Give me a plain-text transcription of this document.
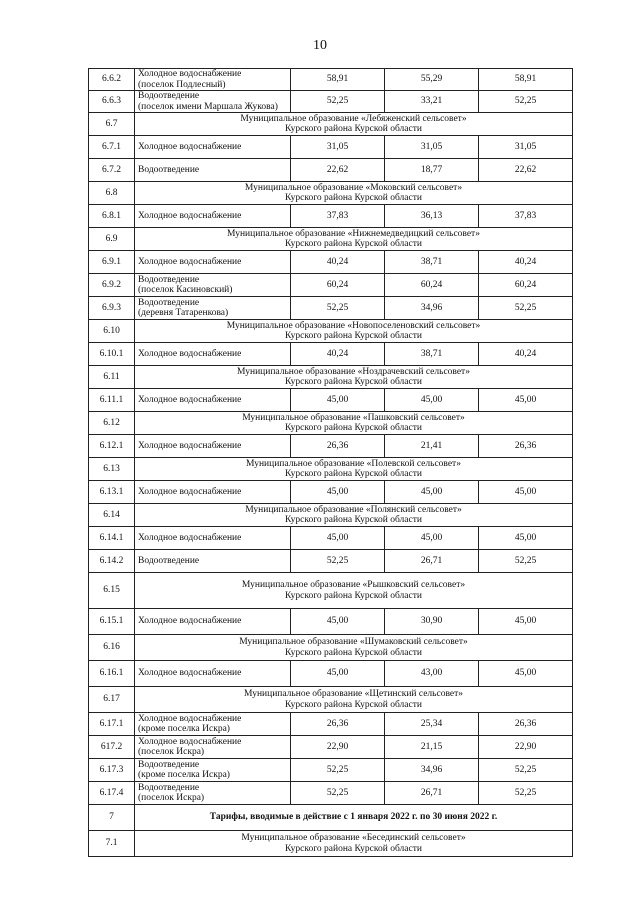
10
6.6.2	Холодное водоснабжение
(поселок Подлесный)	58,91	55,29	58,91
6.6.3	Водоотведение
(поселок имени Маршала Жукова)	52,25	33,21	52,25
6.7	Муниципальное образование «Лебяженский сельсовет»
Курского района Курской области			

6.7.1	Холодное водоснабжение	31,05	31,05	31,05
6.7.2	Водоотведение	22,62	18,77	22,62
6.8	Муниципальное образование «Моковский сельсовет»
Курского района Курской области			

6.8.1	Холодное водоснабжение	37,83	36,13	37,83
6.9	Муниципальное образование «Нижнемедведицкий сельсовет»
Курского района Курской области			

6.9.1	Холодное водоснабжение	40,24	38,71	40,24
6.9.2	Водоотведение
(поселок Касиновский)	60,24	60,24	60,24
6.9.3	Водоотведение
(деревня Татаренкова)	52,25	34,96	52,25
6.10	Муниципальное образование «Новопоселеновский сельсовет»
Курского района Курской области			

6.10.1	Холодное водоснабжение	40,24	38,71	40,24
6.11	Муниципальное образование «Ноздрачевский сельсовет»
Курского района Курской области			

6.11.1	Холодное водоснабжение	45,00	45,00	45,00
6.12	Муниципальное образование «Пашковский сельсовет»
Курского района Курской области			

6.12.1	Холодное водоснабжение	26,36	21,41	26,36
6.13	Муниципальное образование «Полевской сельсовет»
Курского района Курской области			

6.13.1	Холодное водоснабжение	45,00	45,00	45,00
6.14	Муниципальное образование «Полянский сельсовет»
Курского района Курской области			

6.14.1	Холодное водоснабжение	45,00	45,00	45,00
6.14.2	Водоотведение	52,25	26,71	52,25
6.15	Муниципальное образование «Рышковский сельсовет»
Курского района Курской области			

6.15.1	Холодное водоснабжение	45,00	30,90	45,00
6.16	Муниципальное образование «Шумаковский сельсовет»
Курского района Курской области			

6.16.1	Холодное водоснабжение	45,00	43,00	45,00
6.17	Муниципальное образование «Щетинский сельсовет»
Курского района Курской области			

6.17.1	Холодное водоснабжение
(кроме поселка Искра)	26,36	25,34	26,36
617.2	Холодное водоснабжение
(поселок Искра)	22,90	21,15	22,90
6.17.3	Водоотведение
(кроме поселка Искра)	52,25	34,96	52,25
6.17.4	Водоотведение
(поселок Искра)	52,25	26,71	52,25
7	Тарифы, вводимые в действие с 1 января 2022 г. по 30 июня 2022 г.			

7.1	Муниципальное образование «Бесединский сельсовет»
Курского района Курской области			
